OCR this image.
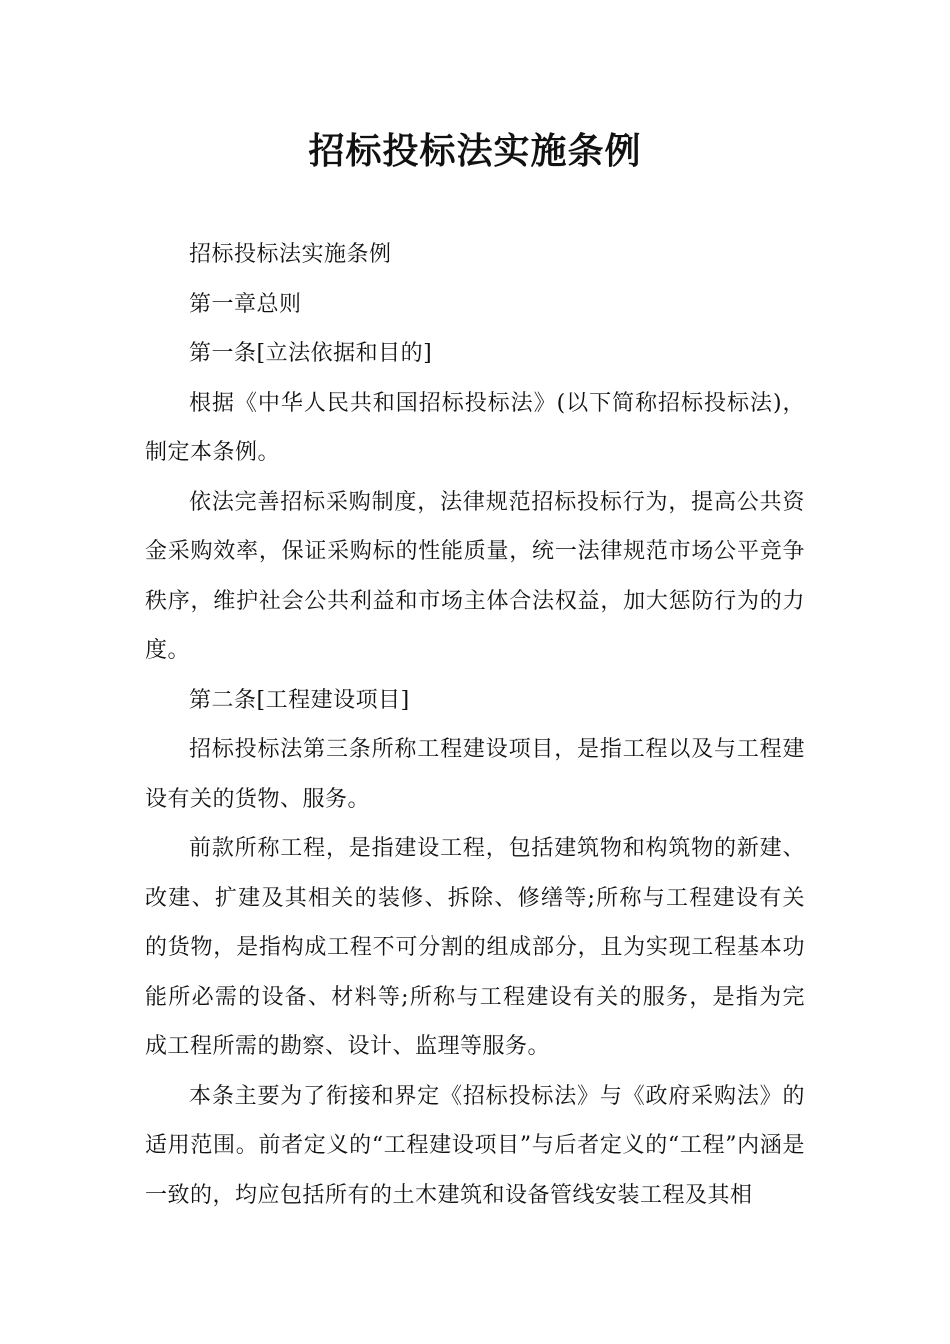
招标投标法实施条例

招标投标法实施条例

第一章总则

第一条[立法依据和目的]

根据《中华人民共和国招标投标法》(以下简称招标投标法)，制定本条例。

依法完善招标采购制度，法律规范招标投标行为，提高公共资金采购效率，保证采购标的性能质量，统一法律规范市场公平竞争秩序，维护社会公共利益和市场主体合法权益，加大惩防行为的力度。

第二条[工程建设项目]

招标投标法第三条所称工程建设项目，是指工程以及与工程建设有关的货物、服务。

前款所称工程，是指建设工程，包括建筑物和构筑物的新建、改建、扩建及其相关的装修、拆除、修缮等;所称与工程建设有关的货物，是指构成工程不可分割的组成部分，且为实现工程基本功能所必需的设备、材料等;所称与工程建设有关的服务，是指为完成工程所需的勘察、设计、监理等服务。

本条主要为了衔接和界定《招标投标法》与《政府采购法》的适用范围。前者定义的“工程建设项目”与后者定义的“工程”内涵是一致的，均应包括所有的土木建筑和设备管线安装工程及其相
